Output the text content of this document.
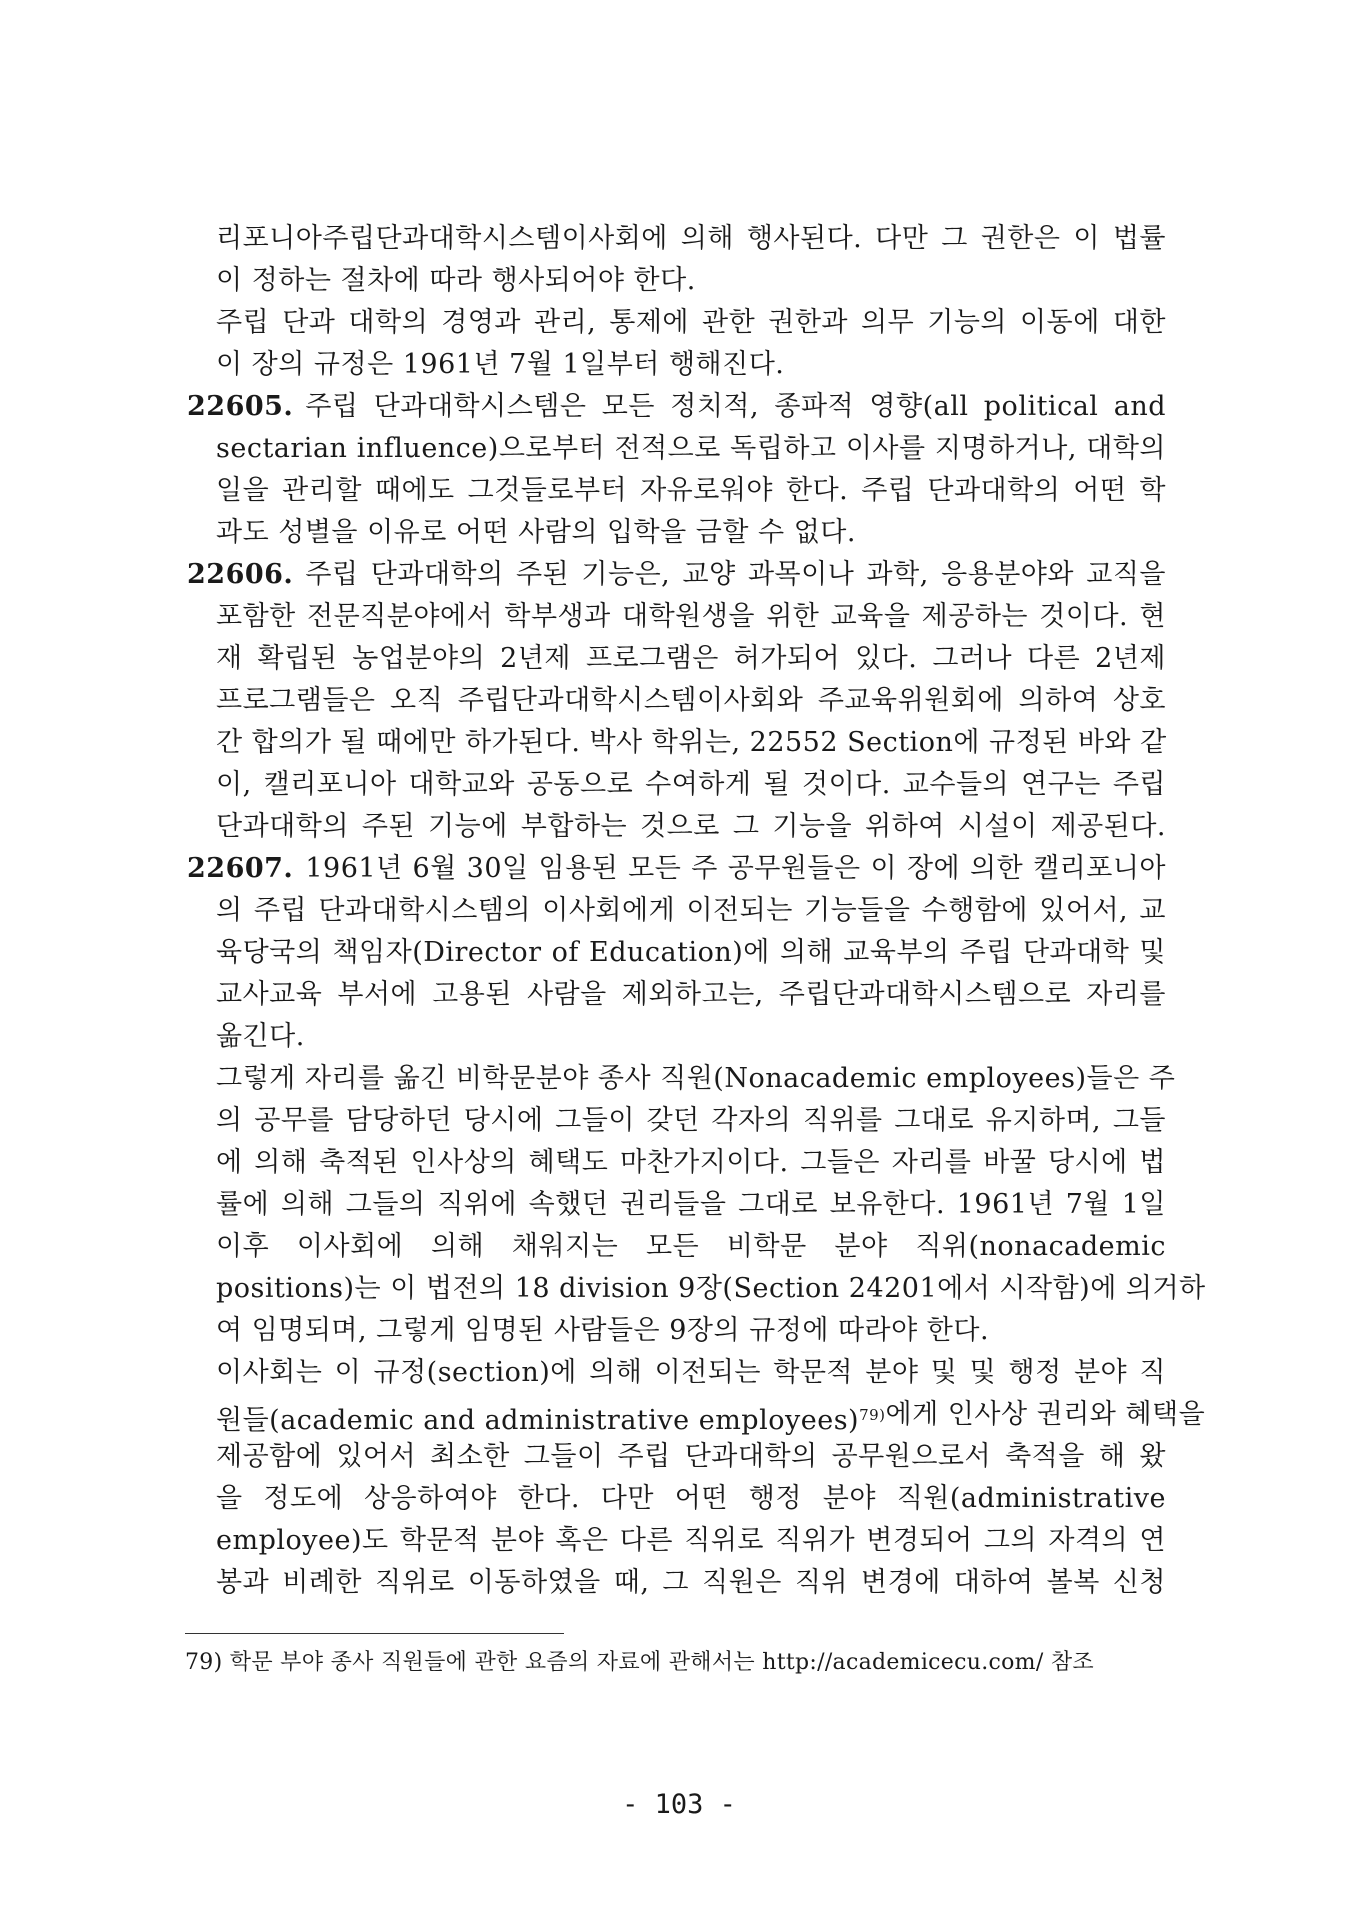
리포니아주립단과대학시스템이사회에 의해 행사된다. 다만 그 권한은 이 법률
이 정하는 절차에 따라 행사되어야 한다.
주립 단과 대학의 경영과 관리, 통제에 관한 권한과 의무 기능의 이동에 대한
이 장의 규정은 1961년 7월 1일부터 행해진다.
22605. 주립 단과대학시스템은 모든 정치적, 종파적 영향(all political and
sectarian influence)으로부터 전적으로 독립하고 이사를 지명하거나, 대학의
일을 관리할 때에도 그것들로부터 자유로워야 한다. 주립 단과대학의 어떤 학
과도 성별을 이유로 어떤 사람의 입학을 금할 수 없다.
22606. 주립 단과대학의 주된 기능은, 교양 과목이나 과학, 응용분야와 교직을
포함한 전문직분야에서 학부생과 대학원생을 위한 교육을 제공하는 것이다. 현
재 확립된 농업분야의 2년제 프로그램은 허가되어 있다. 그러나 다른 2년제
프로그램들은 오직 주립단과대학시스템이사회와 주교육위원회에 의하여 상호
간 합의가 될 때에만 하가된다. 박사 학위는, 22552 Section에 규정된 바와 같
이, 캘리포니아 대학교와 공동으로 수여하게 될 것이다. 교수들의 연구는 주립
단과대학의 주된 기능에 부합하는 것으로 그 기능을 위하여 시설이 제공된다.
22607. 1961년 6월 30일 임용된 모든 주 공무원들은 이 장에 의한 캘리포니아
의 주립 단과대학시스템의 이사회에게 이전되는 기능들을 수행함에 있어서, 교
육당국의 책임자(Director of Education)에 의해 교육부의 주립 단과대학 및
교사교육 부서에 고용된 사람을 제외하고는, 주립단과대학시스템으로 자리를
옮긴다.
그렇게 자리를 옮긴 비학문분야 종사 직원(Nonacademic employees)들은 주
의 공무를 담당하던 당시에 그들이 갖던 각자의 직위를 그대로 유지하며, 그들
에 의해 축적된 인사상의 혜택도 마찬가지이다. 그들은 자리를 바꿀 당시에 법
률에 의해 그들의 직위에 속했던 권리들을 그대로 보유한다. 1961년 7월 1일
이후 이사회에 의해 채워지는 모든 비학문 분야 직위(nonacademic
positions)는 이 법전의 18 division 9장(Section 24201에서 시작함)에 의거하
여 임명되며, 그렇게 임명된 사람들은 9장의 규정에 따라야 한다.
이사회는 이 규정(section)에 의해 이전되는 학문적 분야 및 및 행정 분야 직
원들(academic and administrative employees)$^{79)}$ 에게 인사상 권리와 혜택을
제공함에 있어서 최소한 그들이 주립 단과대학의 공무원으로서 축적을 해 왔
을 정도에 상응하여야 한다. 다만 어떤 행정 분야 직원(administrative
employee)도 학문적 분야 혹은 다른 직위로 직위가 변경되어 그의 자격의 연
봉과 비례한 직위로 이동하였을 때, 그 직원은 직위 변경에 대하여 볼복 신청
79) 학문 부야 종사 직원들에 관한 요즘의 자료에 관해서는 http://academicecu.com/ 참조
- 103 -
